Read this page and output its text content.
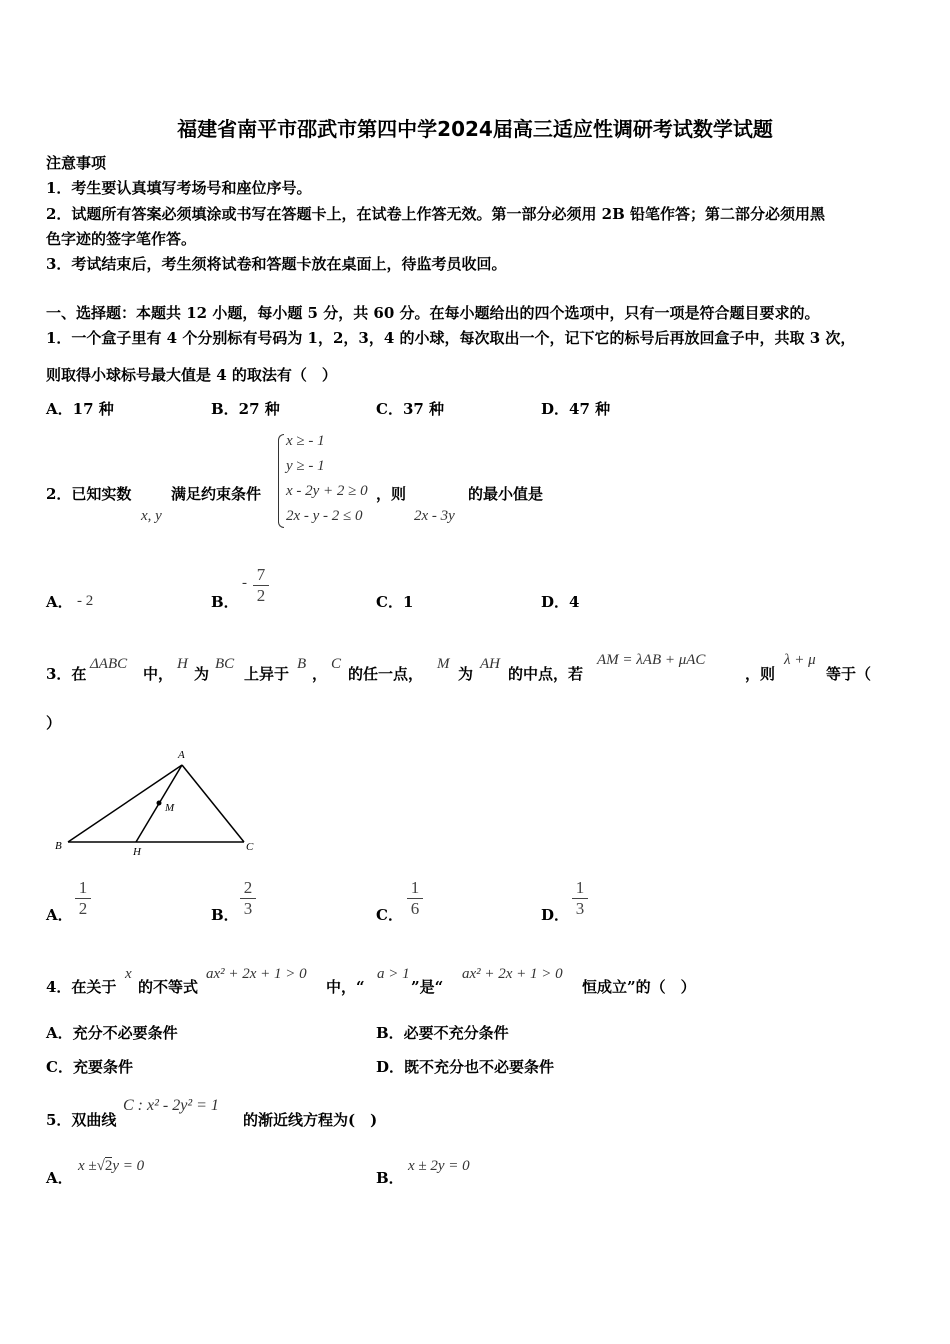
福建省南平市邵武市第四中学2024届高三适应性调研考试数学试题
注意事项
1．考生要认真填写考场号和座位序号。
2．试题所有答案必须填涂或书写在答题卡上，在试卷上作答无效。第一部分必须用 2B 铅笔作答；第二部分必须用黑
色字迹的签字笔作答。
3．考试结束后，考生须将试卷和答题卡放在桌面上，待监考员收回。
一、选择题：本题共 12 小题，每小题 5 分，共 60 分。在每小题给出的四个选项中，只有一项是符合题目要求的。
1．一个盒子里有 4 个分别标有号码为 1，2，3，4 的小球，每次取出一个，记下它的标号后再放回盒子中，共取 3 次，
则取得小球标号最大值是 4 的取法有（　）
A．17 种	B．27 种	C．37 种	D．47 种
2．已知实数
x, y
满足约束条件
x ≥ - 1
y ≥ - 1
x - 2y + 2 ≥ 0
2x - y - 2 ≤ 0
，则
2x - 3y
的最小值是
A． - 2	B．
- 7
2	C．1	D．4
3．在
ΔABC
中，
H
为
BC
上异于
B
，
C
的任一点，
M
为
AH
的中点，若
AM = λAB + μAC
，则
λ + μ
等于（
）
A
B	C
H
M
A．
1
2	B．
2
3	C．
1
6	D．
1
3
4．在关于
x
的不等式
ax² + 2x + 1 > 0
中，“
a > 1
”是“
ax² + 2x + 1 > 0
恒成立”的（　）
A．充分不必要条件	B．必要不充分条件
C．充要条件	D．既不充分也不必要条件
5．双曲线
C : x² - 2y² = 1
的渐近线方程为(　)
A．
x ±√2y = 0
B．
x ± 2y = 0
